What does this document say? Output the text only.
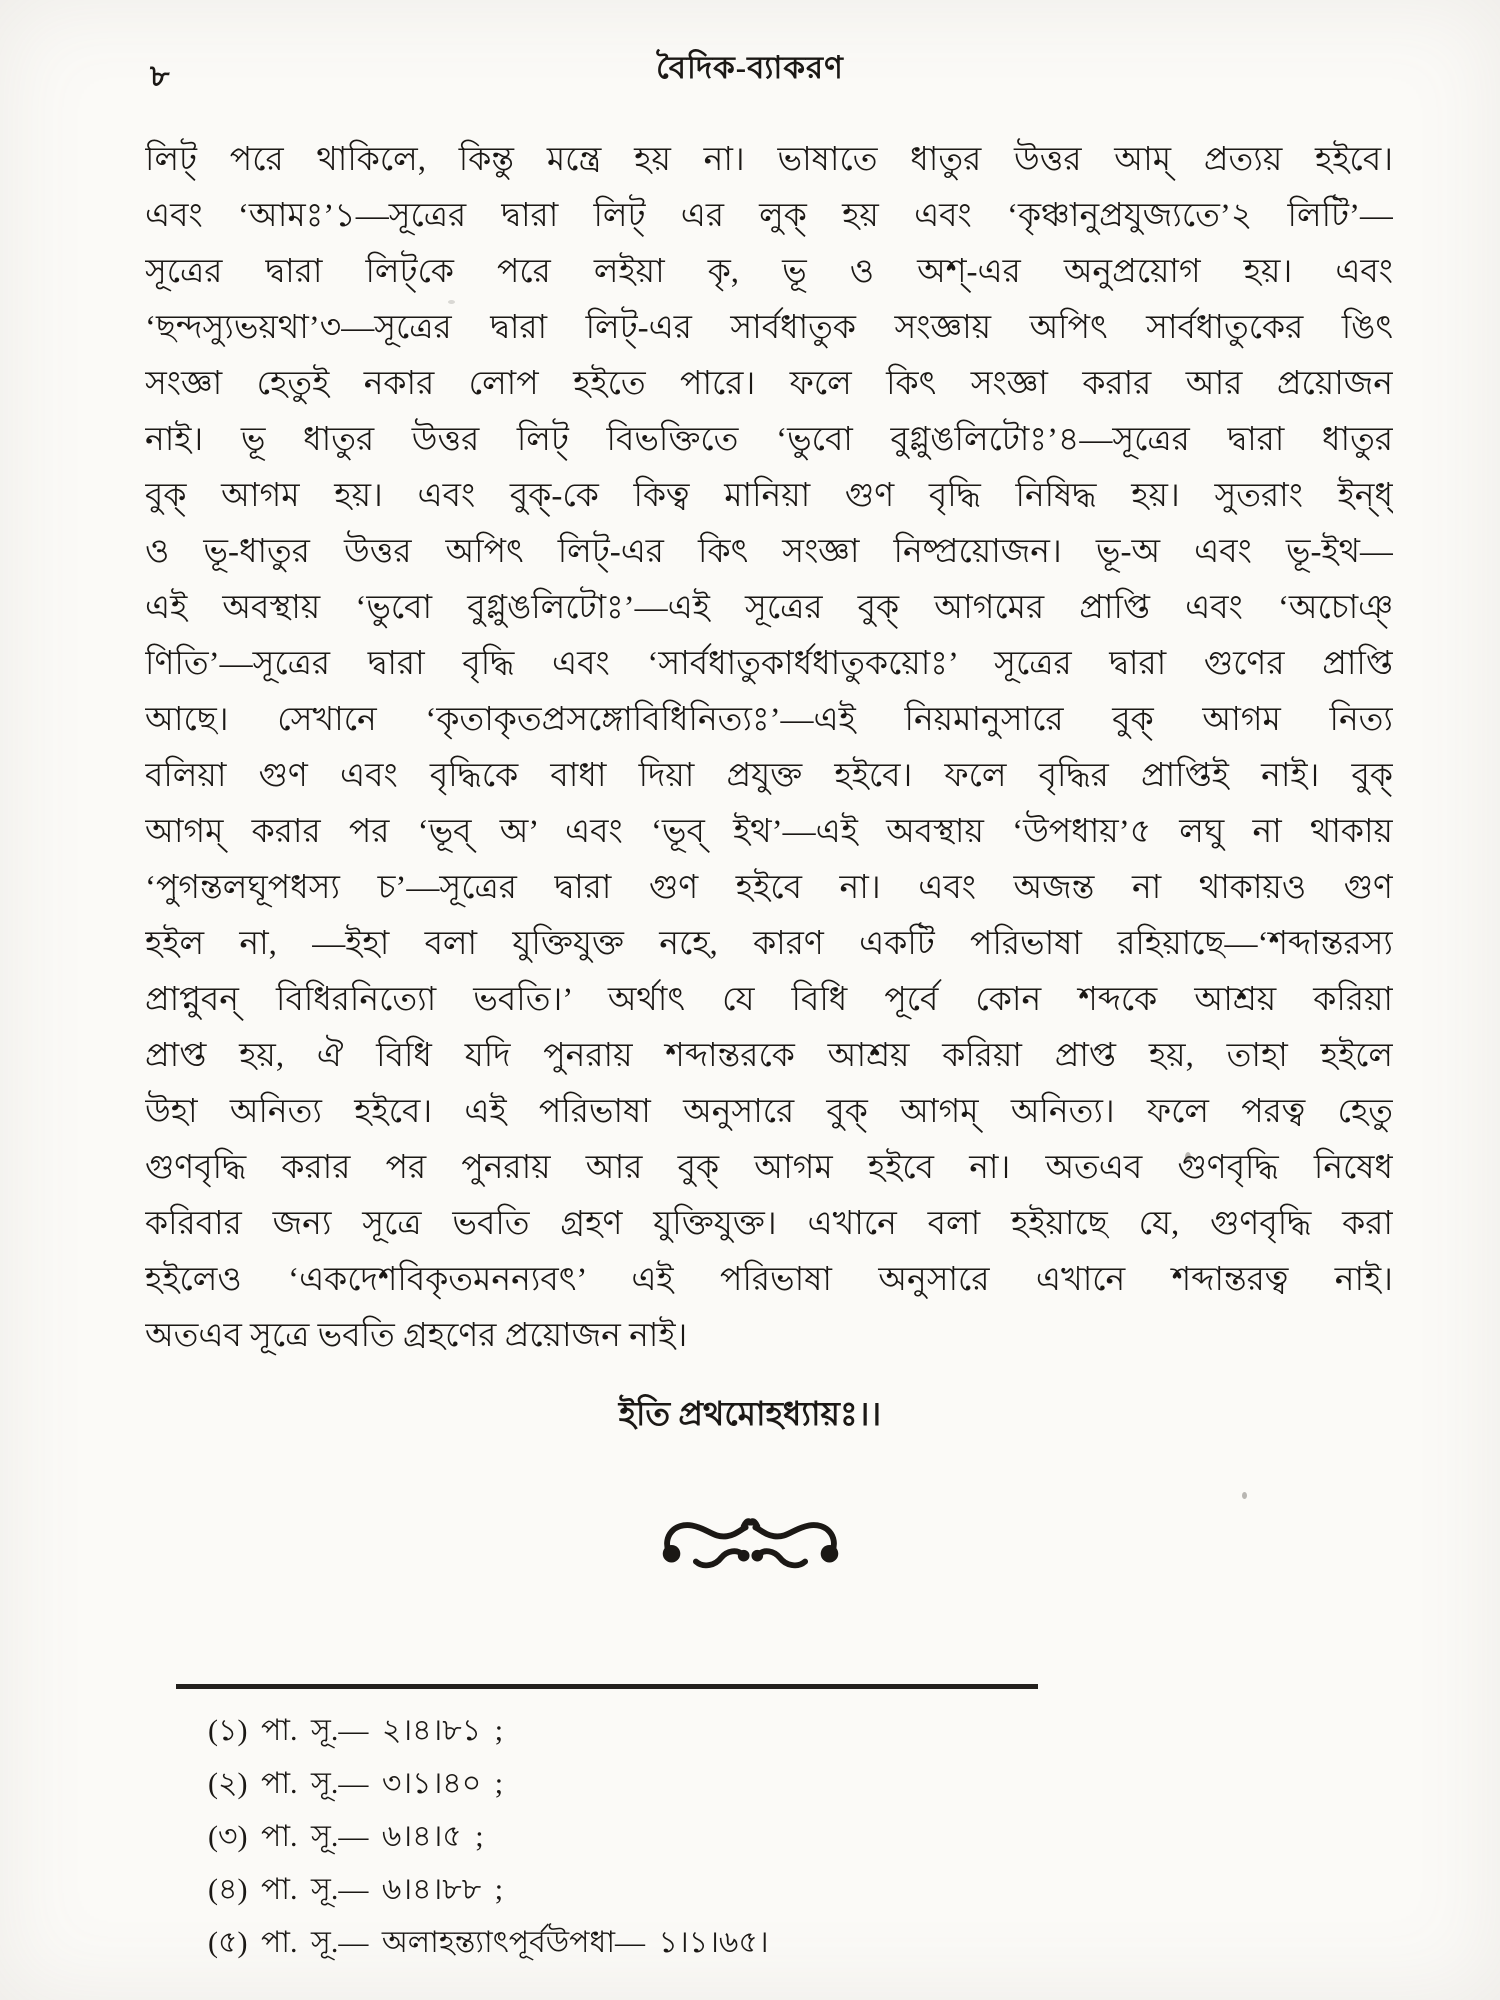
৮	বৈদিক-ব্যাকরণ
লিট্ পরে থাকিলে, কিন্তু মন্ত্রে হয় না। ভাষাতে ধাতুর উত্তর আম্ প্রত্যয় হইবে।
এবং ‘আমঃ’১—সূত্রের দ্বারা লিট্ এর লুক্ হয় এবং ‘কৃঞ্চানুপ্রযুজ্যতে’২ লিটি’—
সূত্রের দ্বারা লিট্‌কে পরে লইয়া কৃ, ভূ ও অশ্-এর অনুপ্রয়োগ হয়। এবং
‘ছন্দস্যুভয়থা’৩—সূত্রের দ্বারা লিট্-এর সার্বধাতুক সংজ্ঞায় অপিৎ সার্বধাতুকের ঙিৎ
সংজ্ঞা হেতুই নকার লোপ হইতে পারে। ফলে কিৎ সংজ্ঞা করার আর প্রয়োজন
নাই। ভূ ধাতুর উত্তর লিট্ বিভক্তিতে ‘ভুবো বুগ্লুঙলিটোঃ’৪—সূত্রের দ্বারা ধাতুর
বুক্ আগম হয়। এবং বুক্-কে কিত্ব মানিয়া গুণ বৃদ্ধি নিষিদ্ধ হয়। সুতরাং ইন্ধ্
ও ভূ-ধাতুর উত্তর অপিৎ লিট্-এর কিৎ সংজ্ঞা নিষ্প্রয়োজন। ভূ-অ এবং ভূ-ইথ—
এই অবস্থায় ‘ভুবো বুগ্লুঙলিটোঃ’—এই সূত্রের বুক্ আগমের প্রাপ্তি এবং ‘অচোঞ্
ণিতি’—সূত্রের দ্বারা বৃদ্ধি এবং ‘সার্বধাতুকার্ধধাতুকয়োঃ’ সূত্রের দ্বারা গুণের প্রাপ্তি
আছে। সেখানে ‘কৃতাকৃতপ্রসঙ্গোবিধিনিত্যঃ’—এই নিয়মানুসারে বুক্ আগম নিত্য
বলিয়া গুণ এবং বৃদ্ধিকে বাধা দিয়া প্রযুক্ত হইবে। ফলে বৃদ্ধির প্রাপ্তিই নাই। বুক্
আগম্ করার পর ‘ভূব্ অ’ এবং ‘ভূব্ ইথ’—এই অবস্থায় ‘উপধায়’৫ লঘু না থাকায়
‘পুগন্তলঘূপধস্য চ’—সূত্রের দ্বারা গুণ হইবে না। এবং অজন্ত না থাকায়ও গুণ
হইল না, —ইহা বলা যুক্তিযুক্ত নহে, কারণ একটি পরিভাষা রহিয়াছে—‘শব্দান্তরস্য
প্রাপ্নুবন্ বিধিরনিত্যো ভবতি।’ অর্থাৎ যে বিধি পূর্বে কোন শব্দকে আশ্রয় করিয়া
প্রাপ্ত হয়, ঐ বিধি যদি পুনরায় শব্দান্তরকে আশ্রয় করিয়া প্রাপ্ত হয়, তাহা হইলে
উহা অনিত্য হইবে। এই পরিভাষা অনুসারে বুক্ আগম্ অনিত্য। ফলে পরত্ব হেতু
গুণবৃদ্ধি করার পর পুনরায় আর বুক্ আগম হইবে না। অতএব গুণবৃদ্ধি নিষেধ
করিবার জন্য সূত্রে ভবতি গ্রহণ যুক্তিযুক্ত। এখানে বলা হইয়াছে যে, গুণবৃদ্ধি করা
হইলেও ‘একদেশবিকৃতমনন্যবৎ’ এই পরিভাষা অনুসারে এখানে শব্দান্তরত্ব নাই।
অতএব সূত্রে ভবতি গ্রহণের প্রয়োজন নাই।
ইতি প্রথমোহধ্যায়ঃ।।
(১) পা. সূ.— ২।৪।৮১ ;
(২) পা. সূ.— ৩।১।৪০ ;
(৩) পা. সূ.— ৬।৪।৫ ;
(৪) পা. সূ.— ৬।৪।৮৮ ;
(৫) পা. সূ.— অলাহন্ত্যাৎপূর্বউপধা— ১।১।৬৫।
